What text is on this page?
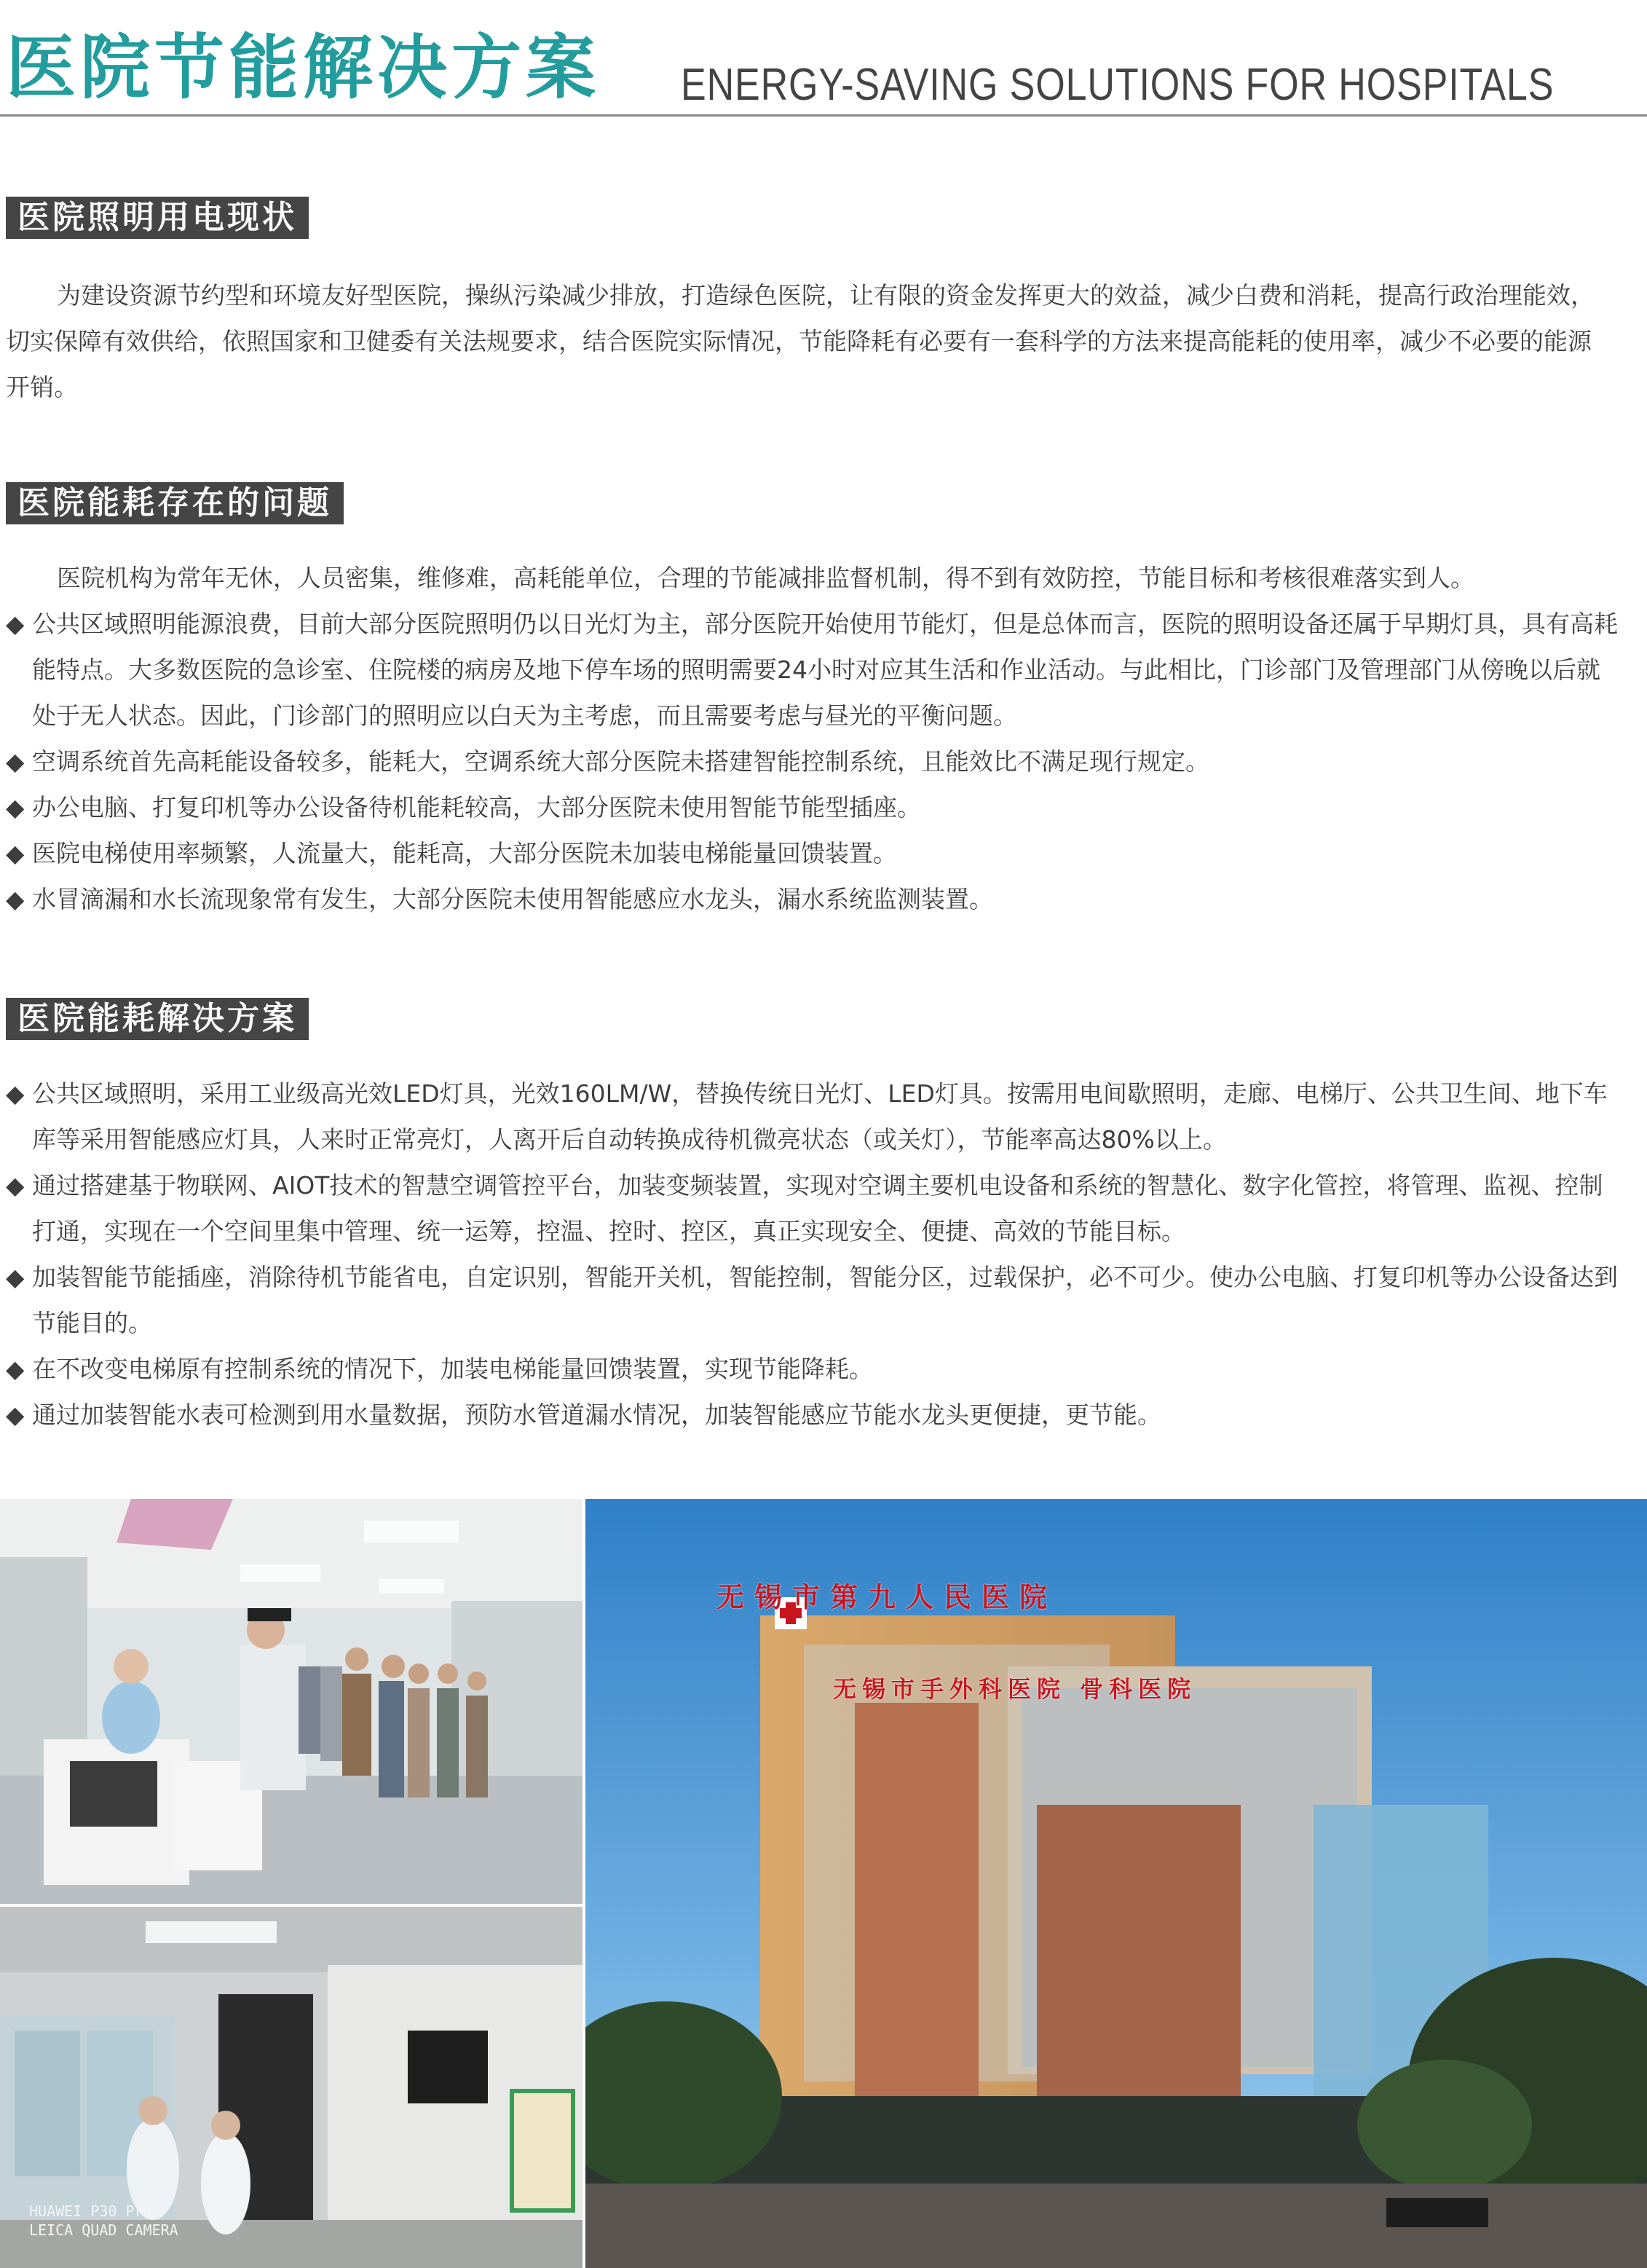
医院节能解决方案 ENERGY-SAVING SOLUTIONS FOR HOSPITALS
医院照明用电现状

为建设资源节约型和环境友好型医院，操纵污染减少排放，打造绿色医院，让有限的资金发挥更大的效益，减少白费和消耗，提高行政治理能效，切实保障有效供给，依照国家和卫健委有关法规要求，结合医院实际情况，节能降耗有必要有一套科学的方法来提高能耗的使用率，减少不必要的能源开销。

医院能耗存在的问题

医院机构为常年无休，人员密集，维修难，高耗能单位，合理的节能减排监督机制，得不到有效防控，节能目标和考核很难落实到人。

◆ 公共区域照明能源浪费，目前大部分医院照明仍以日光灯为主，部分医院开始使用节能灯，但是总体而言，医院的照明设备还属于早期灯具，具有高耗能特点。大多数医院的急诊室、住院楼的病房及地下停车场的照明需要24小时对应其生活和作业活动。与此相比，门诊部门及管理部门从傍晚以后就处于无人状态。因此，门诊部门的照明应以白天为主考虑，而且需要考虑与昼光的平衡问题。
◆ 空调系统首先高耗能设备较多，能耗大，空调系统大部分医院未搭建智能控制系统，且能效比不满足现行规定。
◆ 办公电脑、打复印机等办公设备待机能耗较高，大部分医院未使用智能节能型插座。
◆ 医院电梯使用率频繁，人流量大，能耗高，大部分医院未加装电梯能量回馈装置。
◆ 水冒滴漏和水长流现象常有发生，大部分医院未使用智能感应水龙头，漏水系统监测装置。
医院能耗解决方案
◆ 公共区域照明，采用工业级高光效LED灯具，光效160LM/W，替换传统日光灯、LED灯具。按需用电间歇照明，走廊、电梯厅、公共卫生间、地下车库等采用智能感应灯具，人来时正常亮灯，人离开后自动转换成待机微亮状态（或关灯），节能率高达80%以上。
◆ 通过搭建基于物联网、AIOT技术的智慧空调管控平台，加装变频装置，实现对空调主要机电设备和系统的智慧化、数字化管控，将管理、监视、控制打通，实现在一个空间里集中管理、统一运筹，控温、控时、控区，真正实现安全、便捷、高效的节能目标。
◆ 加装智能节能插座，消除待机节能省电，自定识别，智能开关机，智能控制，智能分区，过载保护，必不可少。使办公电脑、打复印机等办公设备达到节能目的。
◆ 在不改变电梯原有控制系统的情况下，加装电梯能量回馈装置，实现节能降耗。
◆ 通过加装智能水表可检测到用水量数据，预防水管道漏水情况，加装智能感应节能水龙头更便捷，更节能。
HUAWEI P30 Pro
LEICA QUAD CAMERA
无锡市第九人民医院
无锡市手外科医院 骨科医院
